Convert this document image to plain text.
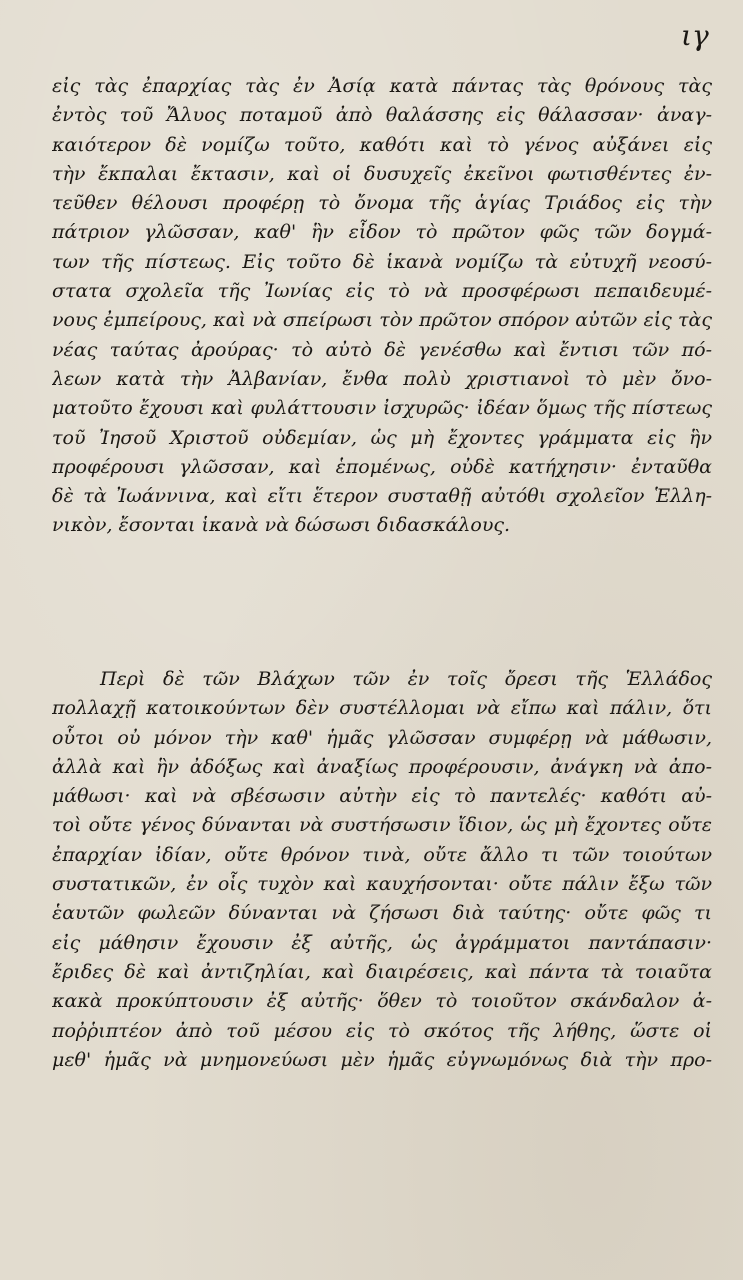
ιγ
εἰς τὰς ἐπαρχίας τὰς ἐν Ἀσίᾳ κατὰ πάντας τὰς θρόνους τὰς
ἐντὸς τοῦ Ἄλυος ποταμοῦ ἀπὸ θαλάσσης εἰς θάλασσαν· ἀναγ-
καιότερον δὲ νομίζω τοῦτο, καθότι καὶ τὸ γένος αὐξάνει εἰς
τὴν ἔκπαλαι ἔκτασιν, καὶ οἱ δυσυχεῖς ἐκεῖνοι φωτισθέντες ἐν-
τεῦθεν θέλουσι προφέρῃ τὸ ὄνομα τῆς ἁγίας Τριάδος εἰς τὴν
πάτριον γλῶσσαν, καθ' ἣν εἶδον τὸ πρῶτον φῶς τῶν δογμά-
των τῆς πίστεως. Εἰς τοῦτο δὲ ἱκανὰ νομίζω τὰ εὐτυχῆ νεοσύ-
στατα σχολεῖα τῆς Ἰωνίας εἰς τὸ νὰ προσφέρωσι πεπαιδευμέ-
νους ἐμπείρους, καὶ νὰ σπείρωσι τὸν πρῶτον σπόρον αὐτῶν εἰς τὰς
νέας ταύτας ἀρούρας· τὸ αὐτὸ δὲ γενέσθω καὶ ἔντισι τῶν πό-
λεων κατὰ τὴν Ἀλβανίαν, ἔνθα πολὺ χριστιανοὶ τὸ μὲν ὄνο-
ματοῦτο ἔχουσι καὶ φυλάττουσιν ἰσχυρῶς· ἰδέαν ὅμως τῆς πίστεως
τοῦ Ἰησοῦ Χριστοῦ οὐδεμίαν, ὡς μὴ ἔχοντες γράμματα εἰς ἣν
προφέρουσι γλῶσσαν, καὶ ἑπομένως, οὐδὲ κατήχησιν· ἐνταῦθα
δὲ τὰ Ἰωάννινα, καὶ εἴτι ἕτερον συσταθῇ αὐτόθι σχολεῖον Ἑλλη-
νικὸν, ἔσονται ἱκανὰ νὰ δώσωσι διδασκάλους.
Περὶ δὲ τῶν Βλάχων τῶν ἐν τοῖς ὄρεσι τῆς Ἑλλάδος
πολλαχῇ κατοικούντων δὲν συστέλλομαι νὰ εἴπω καὶ πάλιν, ὅτι
οὗτοι οὐ μόνον τὴν καθ' ἡμᾶς γλῶσσαν συμφέρῃ νὰ μάθωσιν,
ἀλλὰ καὶ ἣν ἀδόξως καὶ ἀναξίως προφέρουσιν, ἀνάγκη νὰ ἀπο-
μάθωσι· καὶ νὰ σβέσωσιν αὐτὴν εἰς τὸ παντελές· καθότι αὐ-
τοὶ οὔτε γένος δύνανται νὰ συστήσωσιν ἴδιον, ὡς μὴ ἔχοντες οὔτε
ἐπαρχίαν ἰδίαν, οὔτε θρόνον τινὰ, οὔτε ἄλλο τι τῶν τοιούτων
συστατικῶν, ἐν οἷς τυχὸν καὶ καυχήσονται· οὔτε πάλιν ἔξω τῶν
ἑαυτῶν φωλεῶν δύνανται νὰ ζήσωσι διὰ ταύτης· οὔτε φῶς τι
εἰς μάθησιν ἔχουσιν ἐξ αὐτῆς, ὡς ἀγράμματοι παντάπασιν·
ἔριδες δὲ καὶ ἀντιζηλίαι, καὶ διαιρέσεις, καὶ πάντα τὰ τοιαῦτα
κακὰ προκύπτουσιν ἐξ αὐτῆς· ὅθεν τὸ τοιοῦτον σκάνδαλον ἀ-
ποῤῥιπτέον ἀπὸ τοῦ μέσου εἰς τὸ σκότος τῆς λήθης, ὥστε οἱ
μεθ' ἡμᾶς νὰ μνημονεύωσι μὲν ἡμᾶς εὐγνωμόνως διὰ τὴν προ-
